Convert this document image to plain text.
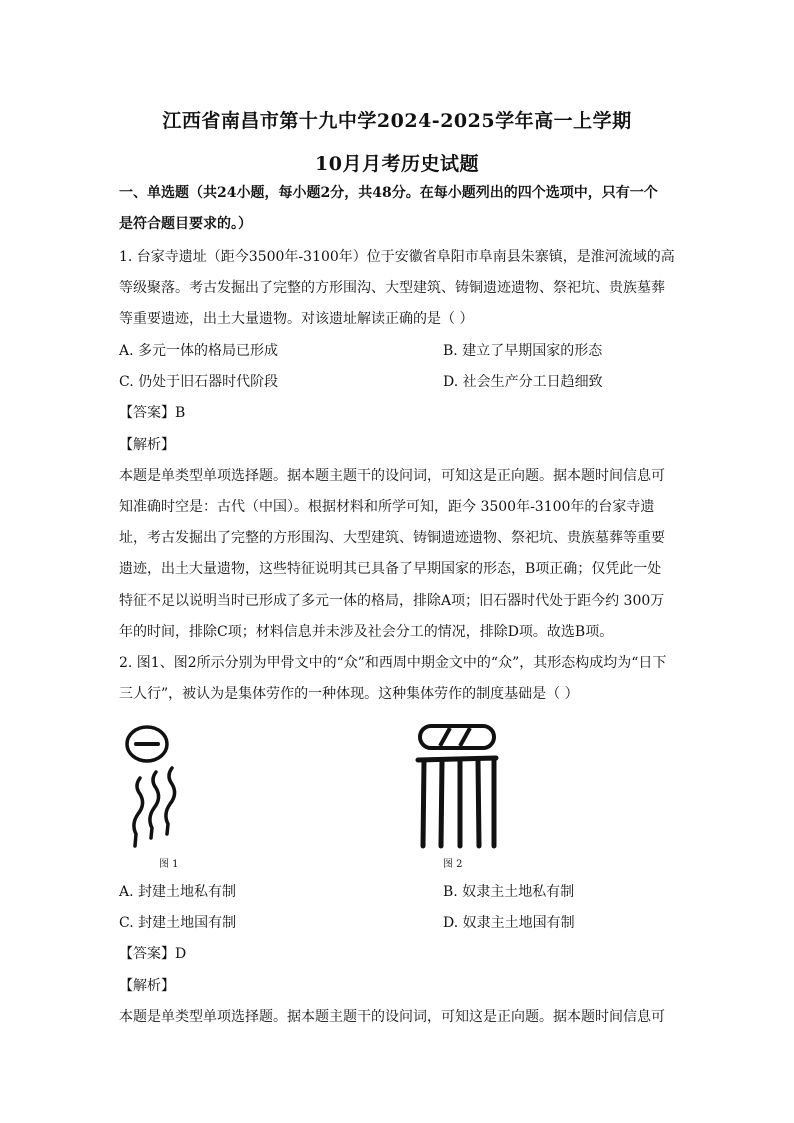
江西省南昌市第十九中学2024-2025学年高一上学期
10月月考历史试题
一、单选题（共24小题，每小题2分，共48分。在每小题列出的四个选项中，只有一个
是符合题目要求的。）
1. 台家寺遗址（距今3500年-3100年）位于安徽省阜阳市阜南县朱寨镇，是淮河流域的高
等级聚落。考古发掘出了完整的方形围沟、大型建筑、铸铜遗迹遗物、祭祀坑、贵族墓葬
等重要遗迹，出土大量遗物。对该遗址解读正确的是（ ）
A. 多元一体的格局已形成	B. 建立了早期国家的形态
C. 仍处于旧石器时代阶段	D. 社会生产分工日趋细致
【答案】B
【解析】
本题是单类型单项选择题。据本题主题干的设问词，可知这是正向题。据本题时间信息可
知准确时空是：古代（中国）。根据材料和所学可知，距今 3500年-3100年的台家寺遗
址，考古发掘出了完整的方形围沟、大型建筑、铸铜遗迹遗物、祭祀坑、贵族墓葬等重要
遗迹，出土大量遗物，这些特征说明其已具备了早期国家的形态，B项正确；仅凭此一处
特征不足以说明当时已形成了多元一体的格局，排除A项；旧石器时代处于距今约 300万
年的时间，排除C项；材料信息并未涉及社会分工的情况，排除D项。故选B项。
2. 图1、图2所示分别为甲骨文中的“众”和西周中期金文中的“众”，其形态构成均为“日下
三人行”，被认为是集体劳作的一种体现。这种集体劳作的制度基础是（ ）
图 1	图 2
A. 封建土地私有制	B. 奴隶主土地私有制
C. 封建土地国有制	D. 奴隶主土地国有制
【答案】D
【解析】
本题是单类型单项选择题。据本题主题干的设问词，可知这是正向题。据本题时间信息可
